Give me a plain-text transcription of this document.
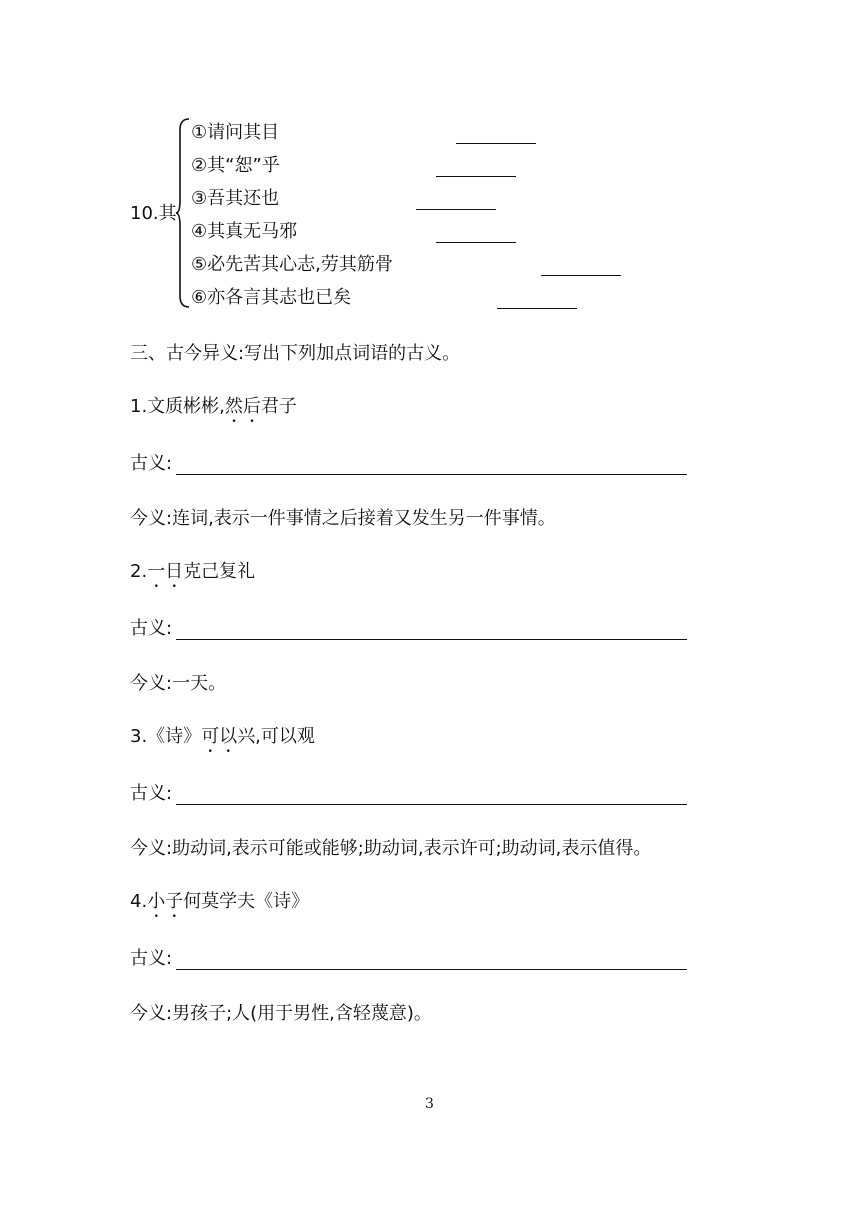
10.其
①请问其目
②其“恕”乎
③吾其还也
④其真无马邪
⑤必先苦其心志,劳其筋骨
⑥亦各言其志也已矣
三、古今异义:写出下列加点词语的古义。
1.文质彬彬,然后君子
古义:
今义:连词,表示一件事情之后接着又发生另一件事情。
2.一日克己复礼
古义:
今义:一天。
3.《诗》可以兴,可以观
古义:
今义:助动词,表示可能或能够;助动词,表示许可;助动词,表示值得。
4.小子何莫学夫《诗》
古义:
今义:男孩子;人(用于男性,含轻蔑意)。
3
